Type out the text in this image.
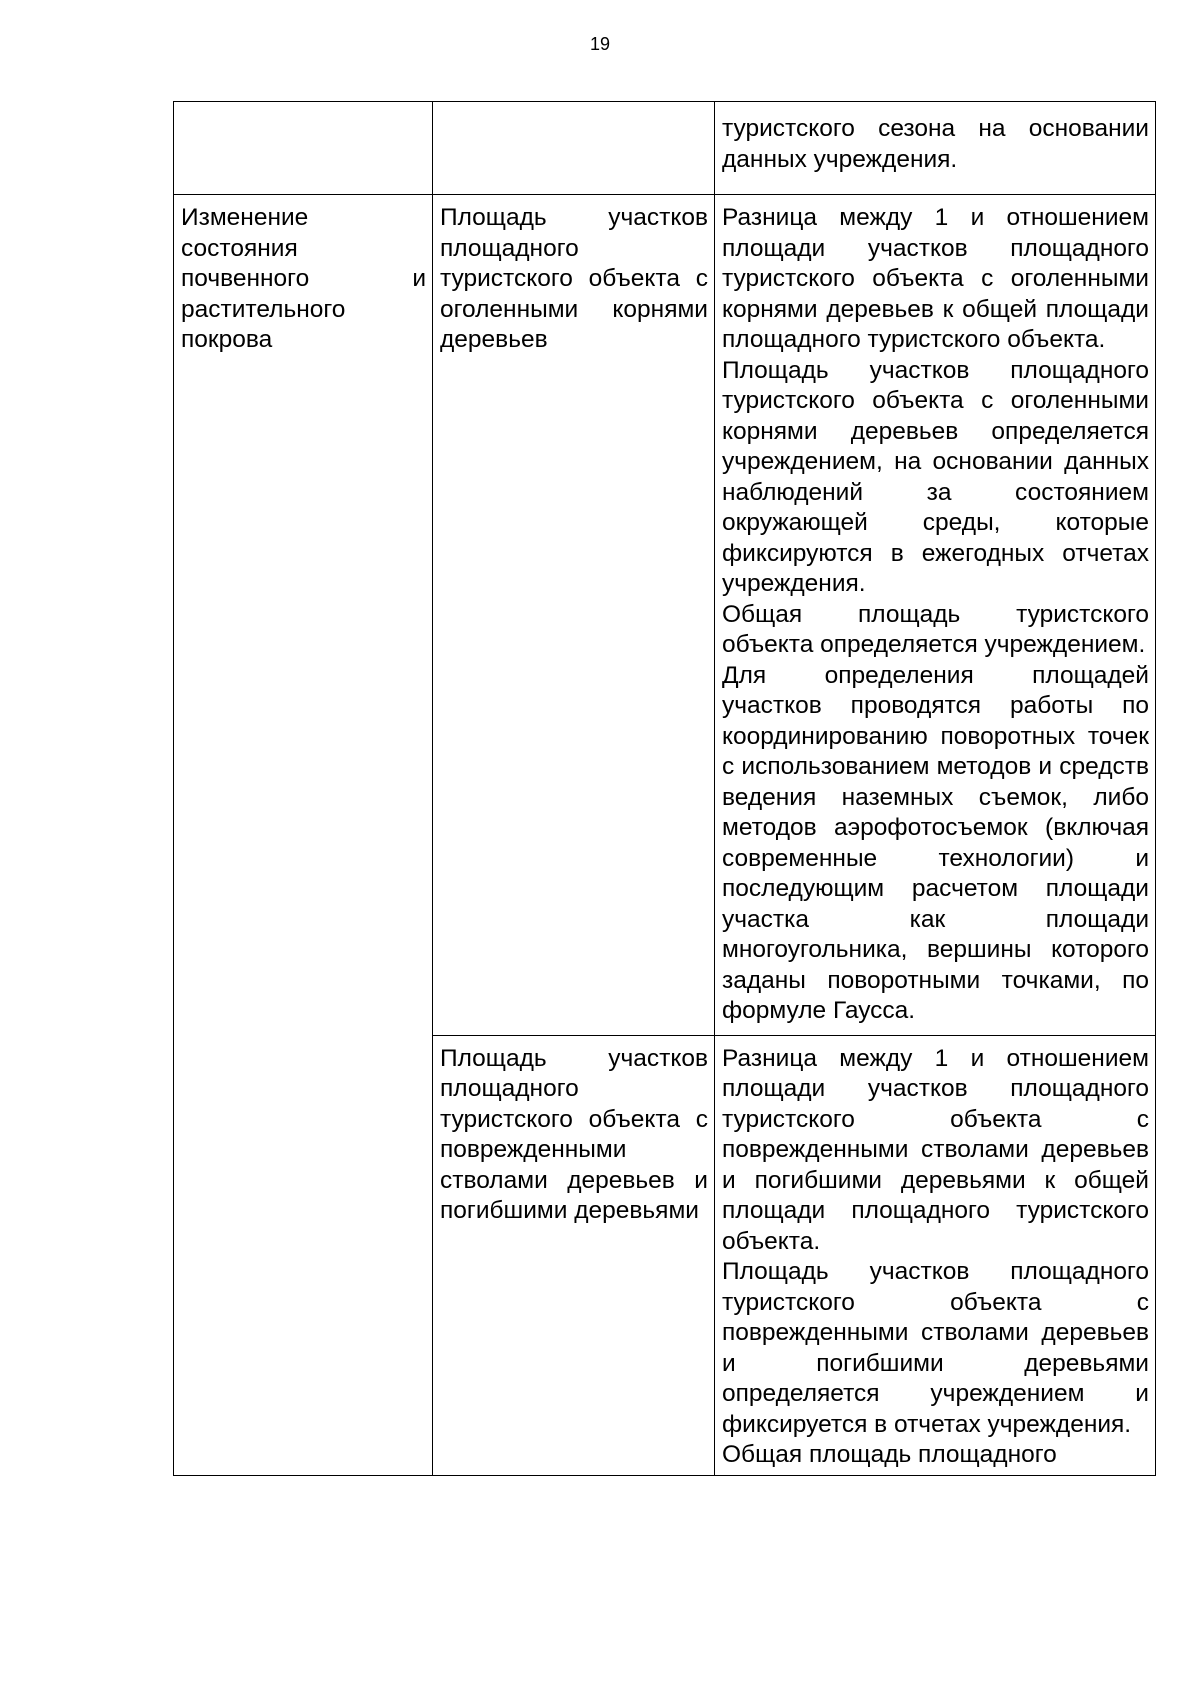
19
		туристского сезона на основании данных учреждения.
Изменение состояния почвенного и растительного покрова	Площадь участков площадного туристского объекта с оголенными корнями деревьев	Разница между 1 и отношением площади участков площадного туристского объекта с оголенными корнями деревьев к общей площади площадного туристского объекта.
Площадь участков площадного туристского объекта с оголенными корнями деревьев определяется учреждением, на основании данных наблюдений за состоянием окружающей среды, которые фиксируются в ежегодных отчетах учреждения.
Общая площадь туристского объекта определяется учреждением.
Для определения площадей участков проводятся работы по координированию поворотных точек с использованием методов и средств ведения наземных съемок, либо методов аэрофотосъемок (включая современные технологии) и последующим расчетом площади участка как площади многоугольника, вершины которого заданы поворотными точками, по формуле Гаусса.

	Площадь участков площадного туристского объекта с поврежденными стволами деревьев и погибшими деревьями	Разница между 1 и отношением площади участков площадного туристского объекта с поврежденными стволами деревьев и погибшими деревьями к общей площади площадного туристского объекта.
Площадь участков площадного туристского объекта с поврежденными стволами деревьев и погибшими деревьями определяется учреждением и фиксируется в отчетах учреждения.
Общая площадь площадного
